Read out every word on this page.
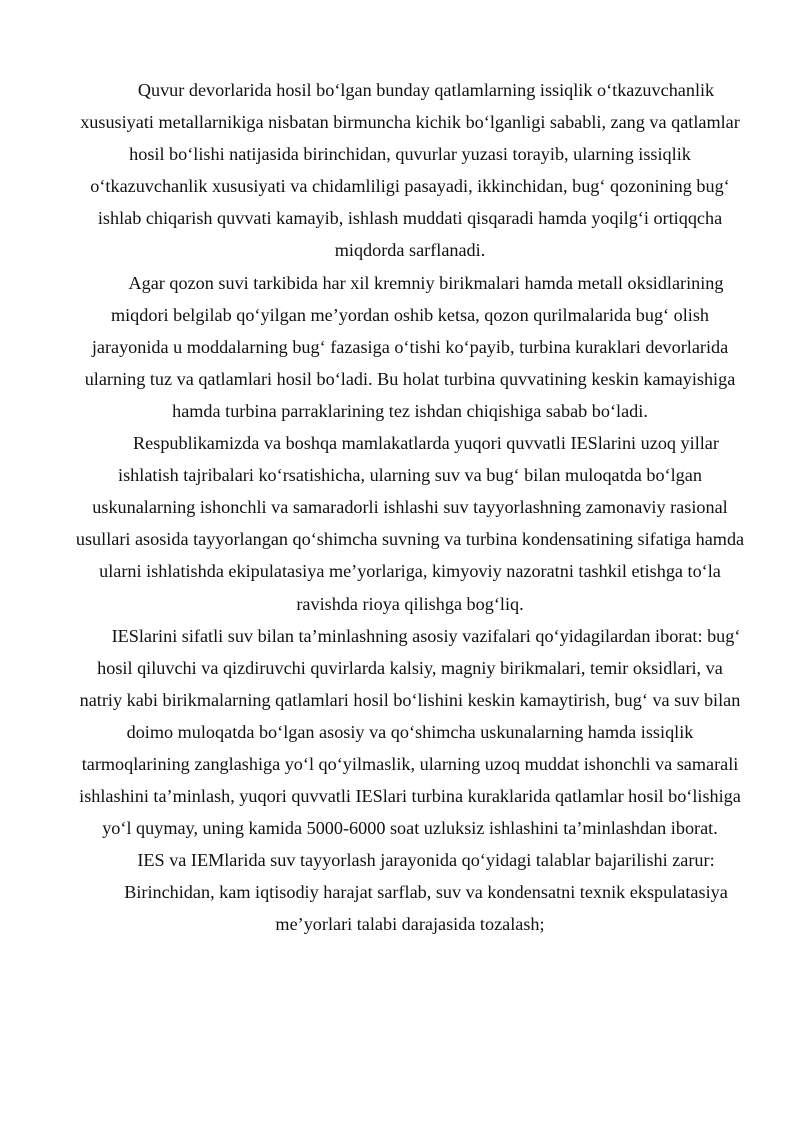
Quvur devorlarida hosil bo‘lgan bunday qatlamlarning issiqlik o‘tkazuvchanlik xususiyati metallarnikiga nisbatan birmuncha kichik bo‘lganligi sababli, zang va qatlamlar hosil bo‘lishi natijasida birinchidan, quvurlar yuzasi torayib, ularning issiqlik o‘tkazuvchanlik xususiyati va chidamliligi pasayadi, ikkinchidan, bug‘ qozonining bug‘ ishlab chiqarish quvvati kamayib, ishlash muddati qisqaradi hamda yoqilg‘i ortiqqcha miqdorda sarflanadi.

Agar qozon suvi tarkibida har xil kremniy birikmalari hamda metall oksidlarining miqdori belgilab qo‘yilgan me’yordan oshib ketsa, qozon qurilmalarida bug‘ olish jarayonida u moddalarning bug‘ fazasiga o‘tishi ko‘payib, turbina kuraklari devorlarida ularning tuz va qatlamlari hosil bo‘ladi. Bu holat turbina quvvatining keskin kamayishiga hamda turbina parraklarining tez ishdan chiqishiga sabab bo‘ladi.

Respublikamizda va boshqa mamlakatlarda yuqori quvvatli IESlarini uzoq yillar ishlatish tajribalari ko‘rsatishicha, ularning suv va bug‘ bilan muloqatda bo‘lgan uskunalarning ishonchli va samaradorli ishlashi suv tayyorlashning zamonaviy rasional usullari asosida tayyorlangan qo‘shimcha suvning va turbina kondensatining sifatiga hamda ularni ishlatishda ekipulatasiya me’yorlariga, kimyoviy nazoratni tashkil etishga to‘la ravishda rioya qilishga bog‘liq.

IESlarini sifatli suv bilan ta’minlashning asosiy vazifalari qo‘yidagilardan iborat: bug‘ hosil qiluvchi va qizdiruvchi quvirlarda kalsiy, magniy birikmalari, temir oksidlari, va natriy kabi birikmalarning qatlamlari hosil bo‘lishini keskin kamaytirish, bug‘ va suv bilan doimo muloqatda bo‘lgan asosiy va qo‘shimcha uskunalarning hamda issiqlik tarmoqlarining zanglashiga yo‘l qo‘yilmaslik, ularning uzoq muddat ishonchli va samarali ishlashini ta’minlash, yuqori quvvatli IESlari turbina kuraklarida qatlamlar hosil bo‘lishiga yo‘l quymay, uning kamida 5000-6000 soat uzluksiz ishlashini ta’minlashdan iborat.

IES va IEMlarida suv tayyorlash jarayonida qo‘yidagi talablar bajarilishi zarur:

Birinchidan, kam iqtisodiy harajat sarflab, suv va kondensatni texnik ekspulatasiya me’yorlari talabi darajasida tozalash;
